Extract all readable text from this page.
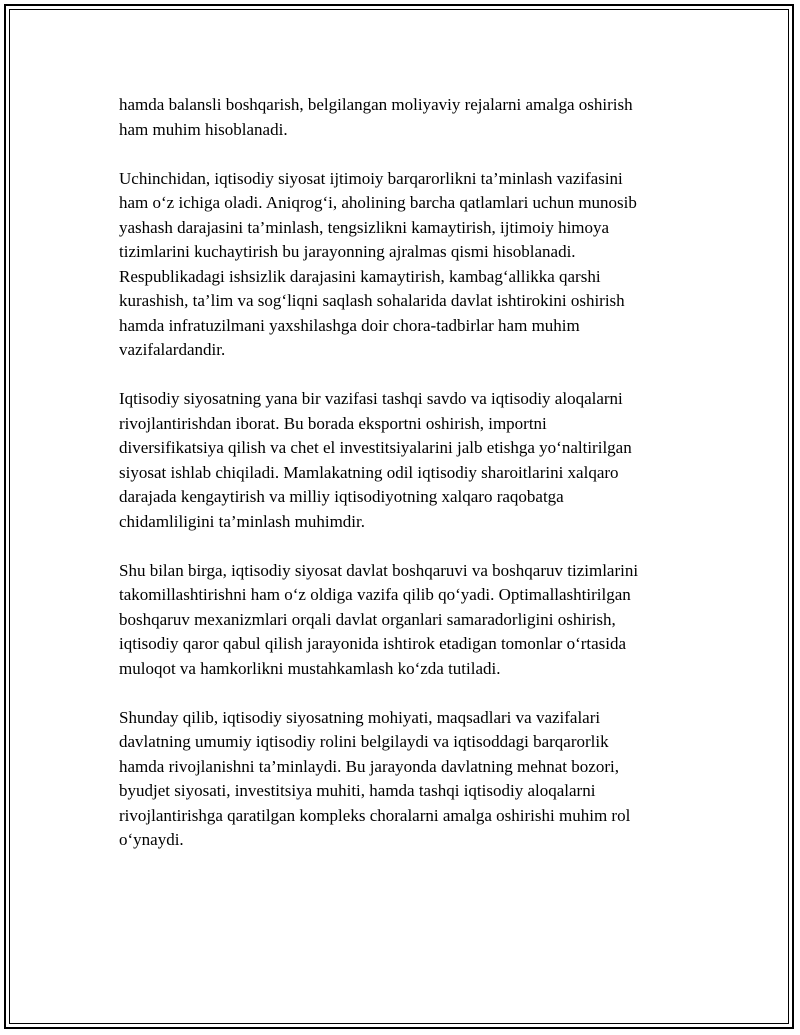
hamda balansli boshqarish, belgilangan moliyaviy rejalarni amalga oshirish
ham muhim hisoblanadi.

Uchinchidan, iqtisodiy siyosat ijtimoiy barqarorlikni ta’minlash vazifasini
ham o‘z ichiga oladi. Aniqrog‘i, aholining barcha qatlamlari uchun munosib
yashash darajasini ta’minlash, tengsizlikni kamaytirish, ijtimoiy himoya
tizimlarini kuchaytirish bu jarayonning ajralmas qismi hisoblanadi.
Respublikadagi ishsizlik darajasini kamaytirish, kambag‘allikka qarshi
kurashish, ta’lim va sog‘liqni saqlash sohalarida davlat ishtirokini oshirish
hamda infratuzilmani yaxshilashga doir chora-tadbirlar ham muhim
vazifalardandir.

Iqtisodiy siyosatning yana bir vazifasi tashqi savdo va iqtisodiy aloqalarni
rivojlantirishdan iborat. Bu borada eksportni oshirish, importni
diversifikatsiya qilish va chet el investitsiyalarini jalb etishga yo‘naltirilgan
siyosat ishlab chiqiladi. Mamlakatning odil iqtisodiy sharoitlarini xalqaro
darajada kengaytirish va milliy iqtisodiyotning xalqaro raqobatga
chidamliligini ta’minlash muhimdir.

Shu bilan birga, iqtisodiy siyosat davlat boshqaruvi va boshqaruv tizimlarini
takomillashtirishni ham o‘z oldiga vazifa qilib qo‘yadi. Optimallashtirilgan
boshqaruv mexanizmlari orqali davlat organlari samaradorligini oshirish,
iqtisodiy qaror qabul qilish jarayonida ishtirok etadigan tomonlar o‘rtasida
muloqot va hamkorlikni mustahkamlash ko‘zda tutiladi.

Shunday qilib, iqtisodiy siyosatning mohiyati, maqsadlari va vazifalari
davlatning umumiy iqtisodiy rolini belgilaydi va iqtisoddagi barqarorlik
hamda rivojlanishni ta’minlaydi. Bu jarayonda davlatning mehnat bozori,
byudjet siyosati, investitsiya muhiti, hamda tashqi iqtisodiy aloqalarni
rivojlantirishga qaratilgan kompleks choralarni amalga oshirishi muhim rol
o‘ynaydi.
